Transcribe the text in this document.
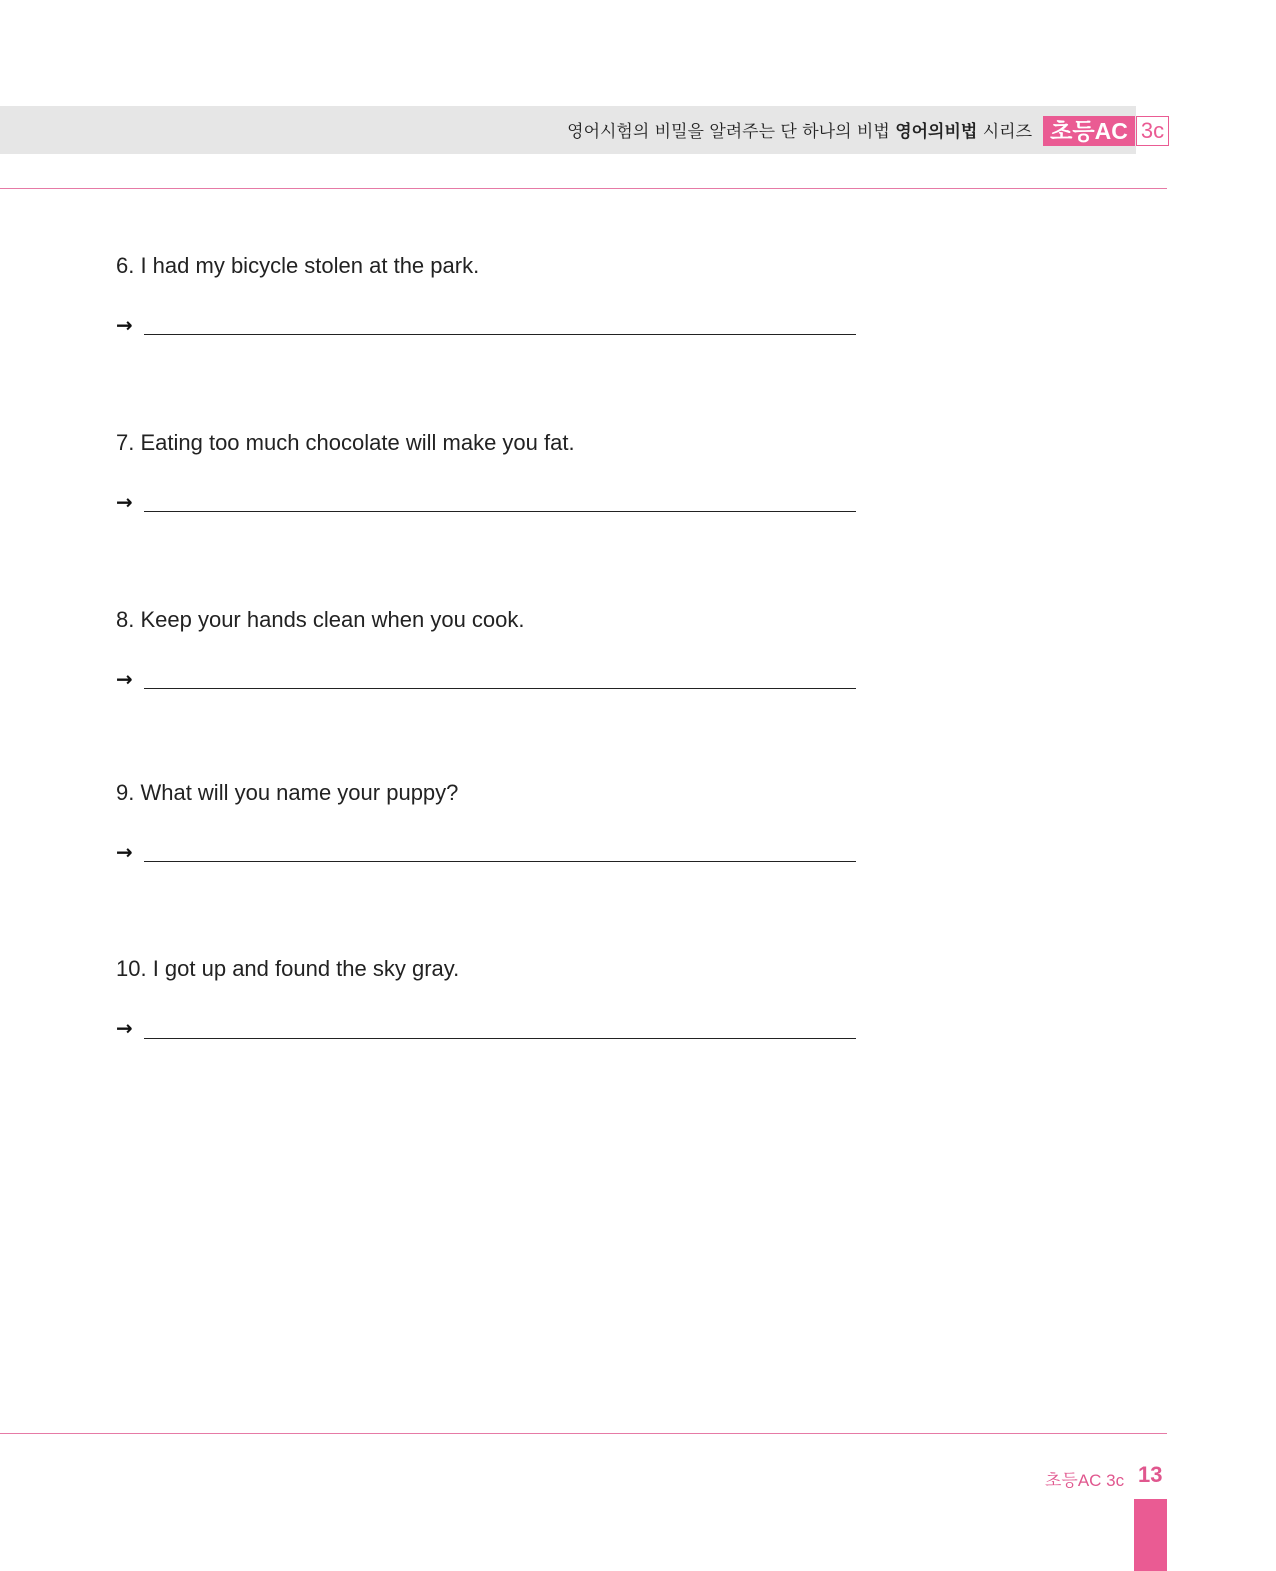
영어시험의 비밀을 알려주는 단 하나의 비법 영어의비법 시리즈 초등AC 3c
6. I had my bicycle stolen at the park.
→
7. Eating too much chocolate will make you fat.
→
8. Keep your hands clean when you cook.
→
9. What will you name your puppy?
→
10. I got up and found the sky gray.
→
초등AC 3c 13
